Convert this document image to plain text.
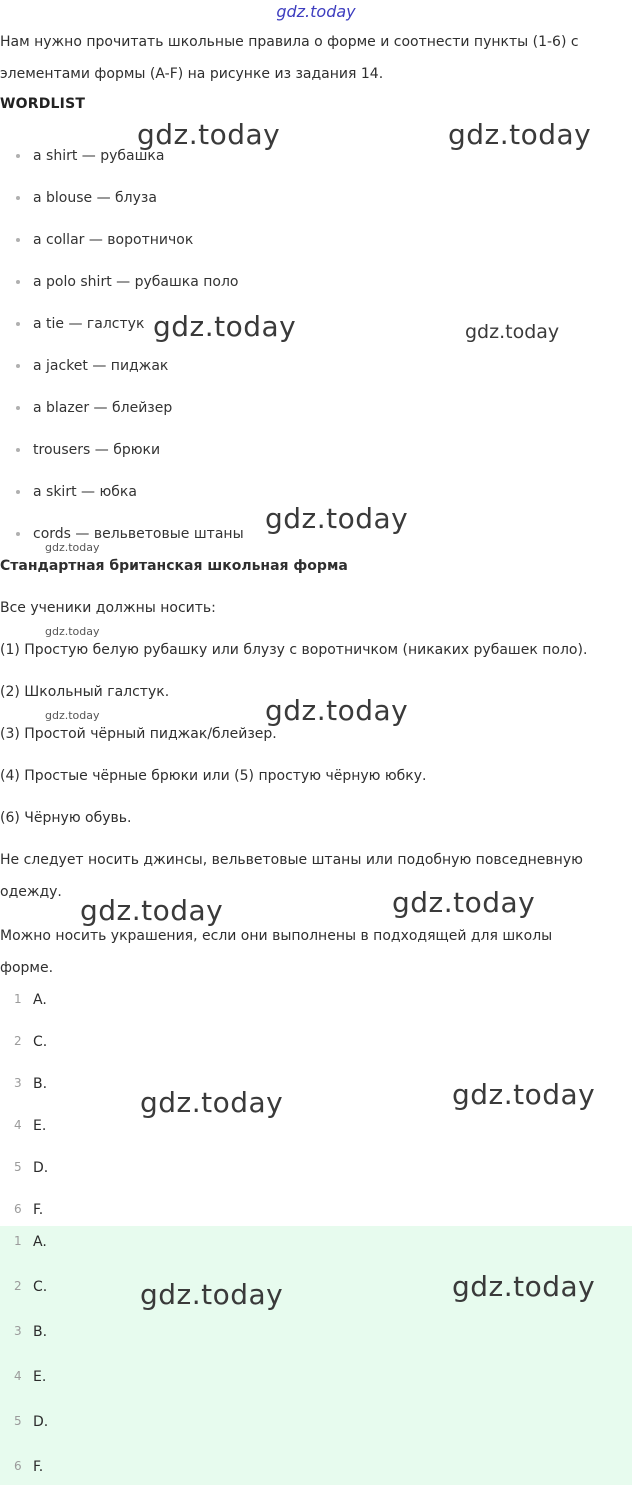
gdz.today
Нам нужно прочитать школьные правила о форме и соотнести пункты (1-6) с
элементами формы (A-F) на рисунке из задания 14.
WORDLIST
a shirt — рубашка
a blouse — блуза
a collar — воротничок
a polo shirt — рубашка поло
a tie — галстук
a jacket — пиджак
a blazer — блейзер
trousers — брюки
a skirt — юбка
cords — вельветовые штаны
Стандартная британская школьная форма
Все ученики должны носить:
(1) Простую белую рубашку или блузу с воротничком (никаких рубашек поло).
(2) Школьный галстук.
(3) Простой чёрный пиджак/блейзер.
(4) Простые чёрные брюки или (5) простую чёрную юбку.
(6) Чёрную обувь.
Не следует носить джинсы, вельветовые штаны или подобную повседневную
одежду.
Можно носить украшения, если они выполнены в подходящей для школы
форме.
1 A.
2 C.
3 B.
4 E.
5 D.
6 F.
1 A.
2 C.
3 B.
4 E.
5 D.
6 F.
gdz.today	gdz.today
gdz.today	gdz.today
gdz.today
gdz.today
gdz.today
gdz.today
gdz.today
gdz.today	gdz.today
gdz.today	gdz.today
gdz.today	gdz.today
